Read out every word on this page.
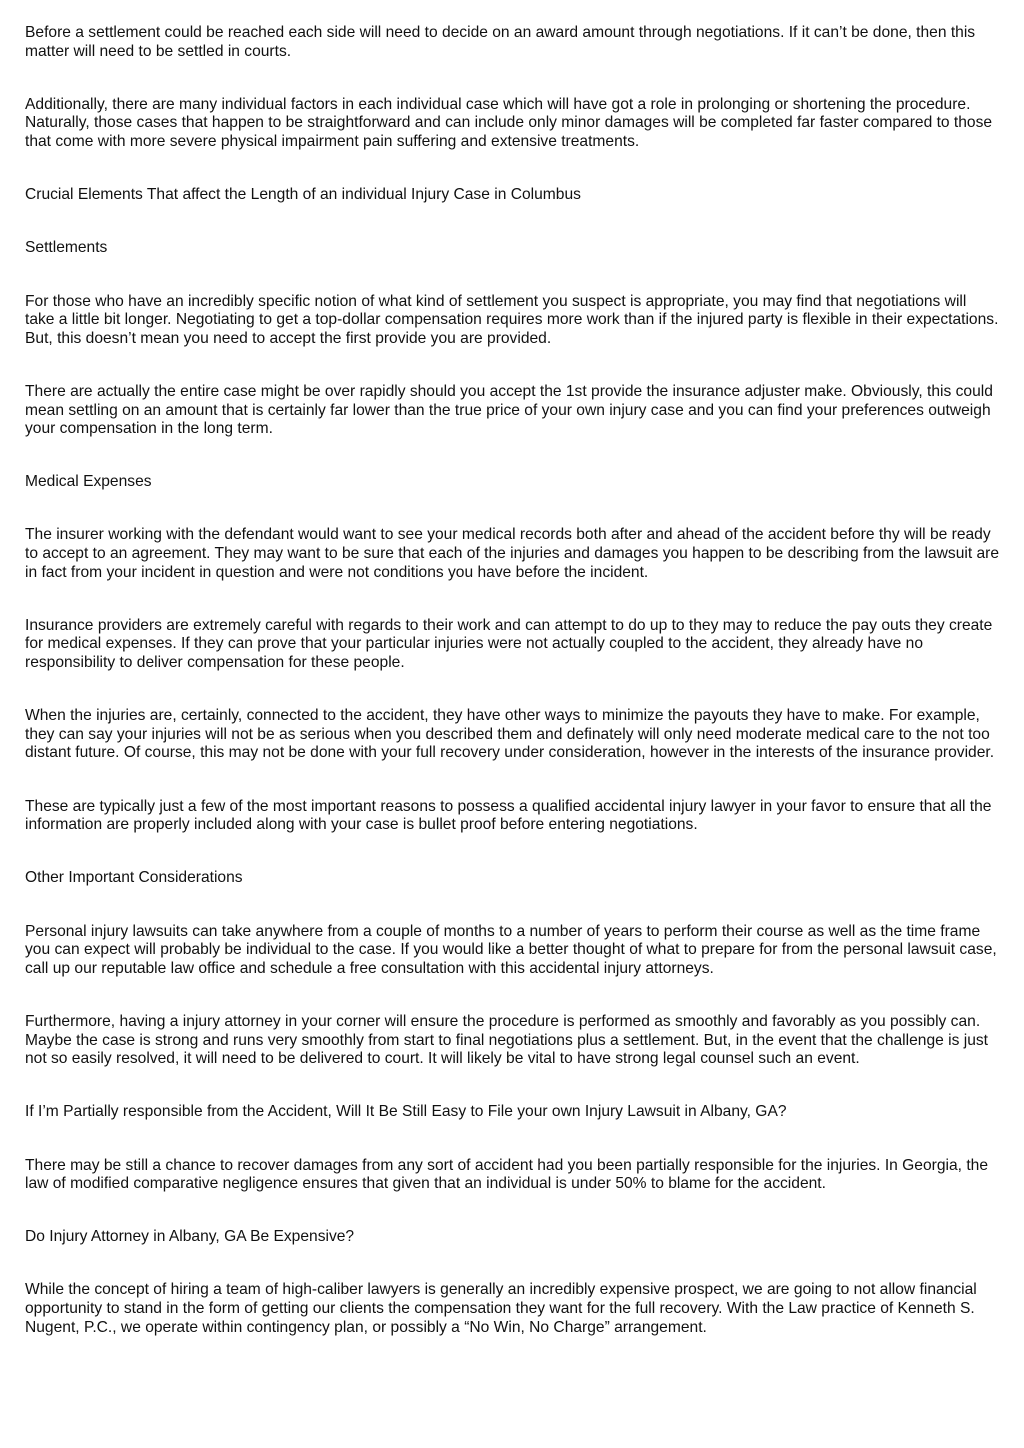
Before a settlement could be reached each side will need to decide on an award amount through negotiations. If it can’t be done, then this matter will need to be settled in courts.
Additionally, there are many individual factors in each individual case which will have got a role in prolonging or shortening the procedure. Naturally, those cases that happen to be straightforward and can include only minor damages will be completed far faster compared to those that come with more severe physical impairment pain suffering and extensive treatments.
Crucial Elements That affect the Length of an individual Injury Case in Columbus
Settlements
For those who have an incredibly specific notion of what kind of settlement you suspect is appropriate, you may find that negotiations will take a little bit longer. Negotiating to get a top-dollar compensation requires more work than if the injured party is flexible in their expectations. But, this doesn’t mean you need to accept the first provide you are provided.
There are actually the entire case might be over rapidly should you accept the 1st provide the insurance adjuster make. Obviously, this could mean settling on an amount that is certainly far lower than the true price of your own injury case and you can find your preferences outweigh your compensation in the long term.
Medical Expenses
The insurer working with the defendant would want to see your medical records both after and ahead of the accident before thy will be ready to accept to an agreement. They may want to be sure that each of the injuries and damages you happen to be describing from the lawsuit are in fact from your incident in question and were not conditions you have before the incident.
Insurance providers are extremely careful with regards to their work and can attempt to do up to they may to reduce the pay outs they create for medical expenses. If they can prove that your particular injuries were not actually coupled to the accident, they already have no responsibility to deliver compensation for these people.
When the injuries are, certainly, connected to the accident, they have other ways to minimize the payouts they have to make. For example, they can say your injuries will not be as serious when you described them and definately will only need moderate medical care to the not too distant future. Of course, this may not be done with your full recovery under consideration, however in the interests of the insurance provider.
These are typically just a few of the most important reasons to possess a qualified accidental injury lawyer in your favor to ensure that all the information are properly included along with your case is bullet proof before entering negotiations.
Other Important Considerations
Personal injury lawsuits can take anywhere from a couple of months to a number of years to perform their course as well as the time frame you can expect will probably be individual to the case. If you would like a better thought of what to prepare for from the personal lawsuit case, call up our reputable law office and schedule a free consultation with this accidental injury attorneys.
Furthermore, having a injury attorney in your corner will ensure the procedure is performed as smoothly and favorably as you possibly can. Maybe the case is strong and runs very smoothly from start to final negotiations plus a settlement. But, in the event that the challenge is just not so easily resolved, it will need to be delivered to court. It will likely be vital to have strong legal counsel such an event.
If I’m Partially responsible from the Accident, Will It Be Still Easy to File your own Injury Lawsuit in Albany, GA?
There may be still a chance to recover damages from any sort of accident had you been partially responsible for the injuries. In Georgia, the law of modified comparative negligence ensures that given that an individual is under 50% to blame for the accident.
Do Injury Attorney in Albany, GA Be Expensive?
While the concept of hiring a team of high-caliber lawyers is generally an incredibly expensive prospect, we are going to not allow financial opportunity to stand in the form of getting our clients the compensation they want for the full recovery. With the Law practice of Kenneth S. Nugent, P.C., we operate within contingency plan, or possibly a “No Win, No Charge” arrangement.
